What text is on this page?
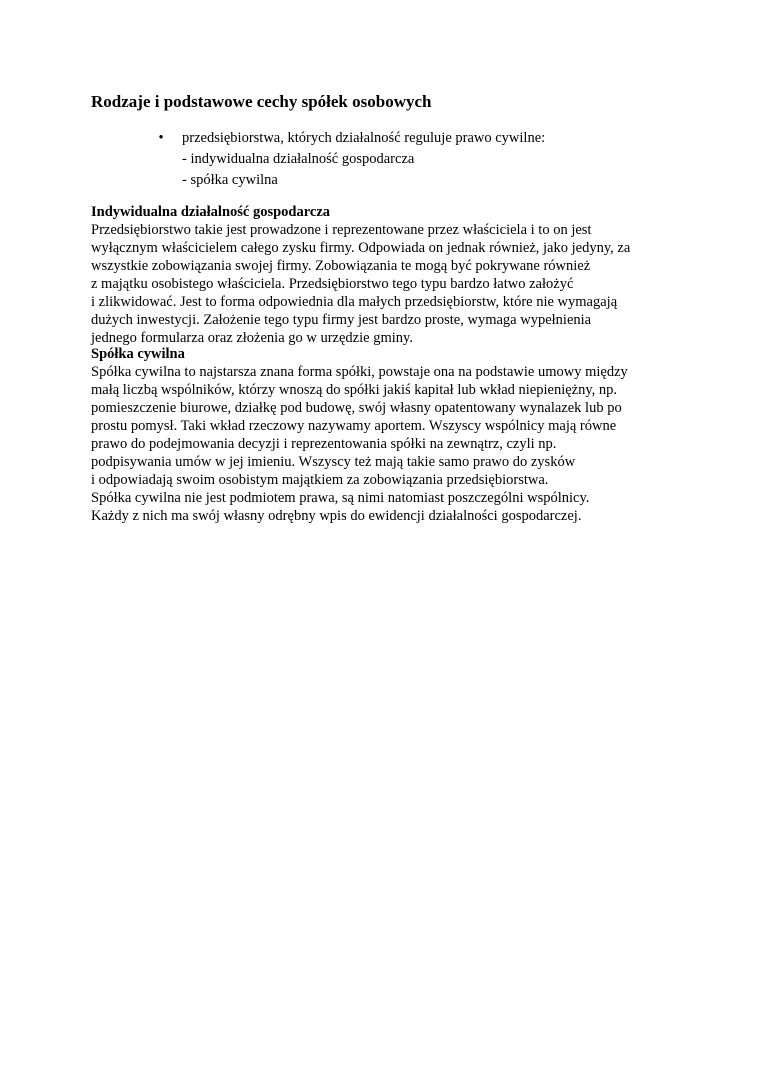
Rodzaje i podstawowe cechy spółek osobowych
• przedsiębiorstwa, których działalność reguluje prawo cywilne:
- indywidualna działalność gospodarcza
- spółka cywilna
Indywidualna działalność gospodarcza
Przedsiębiorstwo takie jest prowadzone i reprezentowane przez właściciela i to on jest
wyłącznym właścicielem całego zysku firmy. Odpowiada on jednak również, jako jedyny, za
wszystkie zobowiązania swojej firmy. Zobowiązania te mogą być pokrywane również
z majątku osobistego właściciela. Przedsiębiorstwo tego typu bardzo łatwo założyć
i zlikwidować. Jest to forma odpowiednia dla małych przedsiębiorstw, które nie wymagają
dużych inwestycji. Założenie tego typu firmy jest bardzo proste, wymaga wypełnienia
jednego formularza oraz złożenia go w urzędzie gminy.
Spółka cywilna
Spółka cywilna to najstarsza znana forma spółki, powstaje ona na podstawie umowy między
małą liczbą wspólników, którzy wnoszą do spółki jakiś kapitał lub wkład niepieniężny, np.
pomieszczenie biurowe, działkę pod budowę, swój własny opatentowany wynalazek lub po
prostu pomysł. Taki wkład rzeczowy nazywamy aportem. Wszyscy wspólnicy mają równe
prawo do podejmowania decyzji i reprezentowania spółki na zewnątrz, czyli np.
podpisywania umów w jej imieniu. Wszyscy też mają takie samo prawo do zysków
i odpowiadają swoim osobistym majątkiem za zobowiązania przedsiębiorstwa.
Spółka cywilna nie jest podmiotem prawa, są nimi natomiast poszczególni wspólnicy.
Każdy z nich ma swój własny odrębny wpis do ewidencji działalności gospodarczej.
